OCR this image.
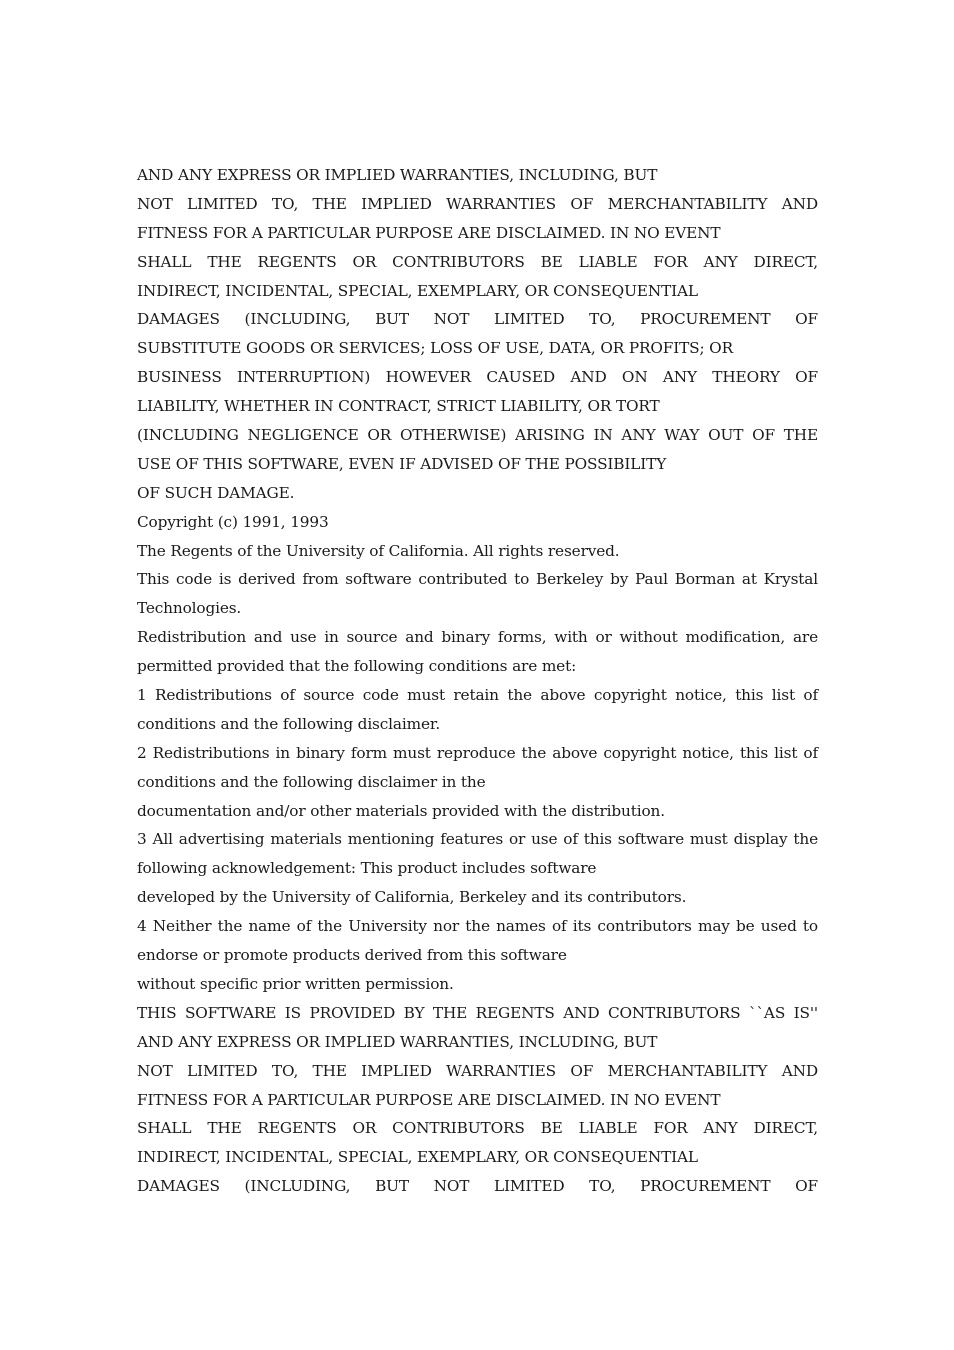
AND ANY EXPRESS OR IMPLIED WARRANTIES, INCLUDING, BUT
NOT LIMITED TO, THE IMPLIED WARRANTIES OF MERCHANTABILITY AND
FITNESS FOR A PARTICULAR PURPOSE ARE DISCLAIMED. IN NO EVENT
SHALL THE REGENTS OR CONTRIBUTORS BE LIABLE FOR ANY DIRECT,
INDIRECT, INCIDENTAL, SPECIAL, EXEMPLARY, OR CONSEQUENTIAL
DAMAGES (INCLUDING, BUT NOT LIMITED TO, PROCUREMENT OF
SUBSTITUTE GOODS OR SERVICES; LOSS OF USE, DATA, OR PROFITS; OR
BUSINESS INTERRUPTION) HOWEVER CAUSED AND ON ANY THEORY OF
LIABILITY, WHETHER IN CONTRACT, STRICT LIABILITY, OR TORT
(INCLUDING NEGLIGENCE OR OTHERWISE) ARISING IN ANY WAY OUT OF THE
USE OF THIS SOFTWARE, EVEN IF ADVISED OF THE POSSIBILITY
OF SUCH DAMAGE.
Copyright (c) 1991, 1993
The Regents of the University of California. All rights reserved.
This code is derived from software contributed to Berkeley by Paul Borman at Krystal
Technologies.
Redistribution and use in source and binary forms, with or without modification, are
permitted provided that the following conditions are met:
1 Redistributions of source code must retain the above copyright notice, this list of
conditions and the following disclaimer.
2 Redistributions in binary form must reproduce the above copyright notice, this list of
conditions and the following disclaimer in the
documentation and/or other materials provided with the distribution.
3 All advertising materials mentioning features or use of this software must display the
following acknowledgement: This product includes software
developed by the University of California, Berkeley and its contributors.
4 Neither the name of the University nor the names of its contributors may be used to
endorse or promote products derived from this software
without specific prior written permission.
THIS SOFTWARE IS PROVIDED BY THE REGENTS AND CONTRIBUTORS ``AS IS''
AND ANY EXPRESS OR IMPLIED WARRANTIES, INCLUDING, BUT
NOT LIMITED TO, THE IMPLIED WARRANTIES OF MERCHANTABILITY AND
FITNESS FOR A PARTICULAR PURPOSE ARE DISCLAIMED. IN NO EVENT
SHALL THE REGENTS OR CONTRIBUTORS BE LIABLE FOR ANY DIRECT,
INDIRECT, INCIDENTAL, SPECIAL, EXEMPLARY, OR CONSEQUENTIAL
DAMAGES (INCLUDING, BUT NOT LIMITED TO, PROCUREMENT OF
